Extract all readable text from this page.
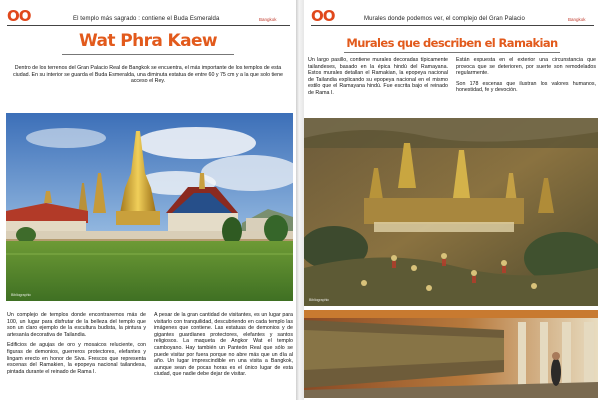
OO	El templo más sagrado : contiene el Buda Esmeralda	Bangkok
Wat Phra Kaew
Dentro de los terrenos del Gran Palacio Real de Bangkok se encuentra, el más importante de los templos de esta ciudad. En su interior se guarda el Buda Esmeralda, una diminuta estatua de entre 60 y 75 cm y a la que solo tiene acceso el Rey.
Bibliographic

Un complejo de templos donde encontraremos más de 100, un lugar para disfrutar de la belleza del templo que son un claro ejemplo de la escultura budista, la pintura y artesanía decorativa de Tailandia.

Edificios de agujas de oro y mosaicos reluciente, con figuras de demonios, guerreros protectores, elefantes y lingam erecto en honor de Siva. Frescos que representa escenas del Ramakien, la epopeya nacional tailandesa, pintada durante el reinado de Rama I.

A pesar de la gran cantidad de visitantes, es un lugar para visitarlo con tranquilidad, descubriendo en cada templo las imágenes que contiene. Las estatuas de demonios y de gigantes guardianes protectores, elefantes y santos religiosos. La maqueta de Angkor Wat el templo camboyano. Hay también un Panteón Real que sólo se puede visitar por fuera porque no abre más que un día al año. Un lugar imprescindible en una visita a Bangkok, aunque sean de pocas horas es el único lugar de esta ciudad, que nadie debe dejar de visitar.

OO	Murales donde podemos ver, el complejo del Gran Palacio	Bangkok
Murales que describen el Ramakian

Un largo pasillo, contiene murales decoradas típicamente tailandeses, basado en la épica hindú del Ramayana. Estos murales detallan el Ramakian, la epopeya nacional de Tailandia explicando su epopeya nacional en el mismo estilo que el Ramayana hindú. Fue escrita bajo el reinado de Rama I.

Están expuesta en el exterior una circunstancia que provoca que se deterioren, por suerte son remodelados regularmente.

Son 178 escenas que ilustran los valores humanos, honestidad, fe y devoción.

Bibliographic
